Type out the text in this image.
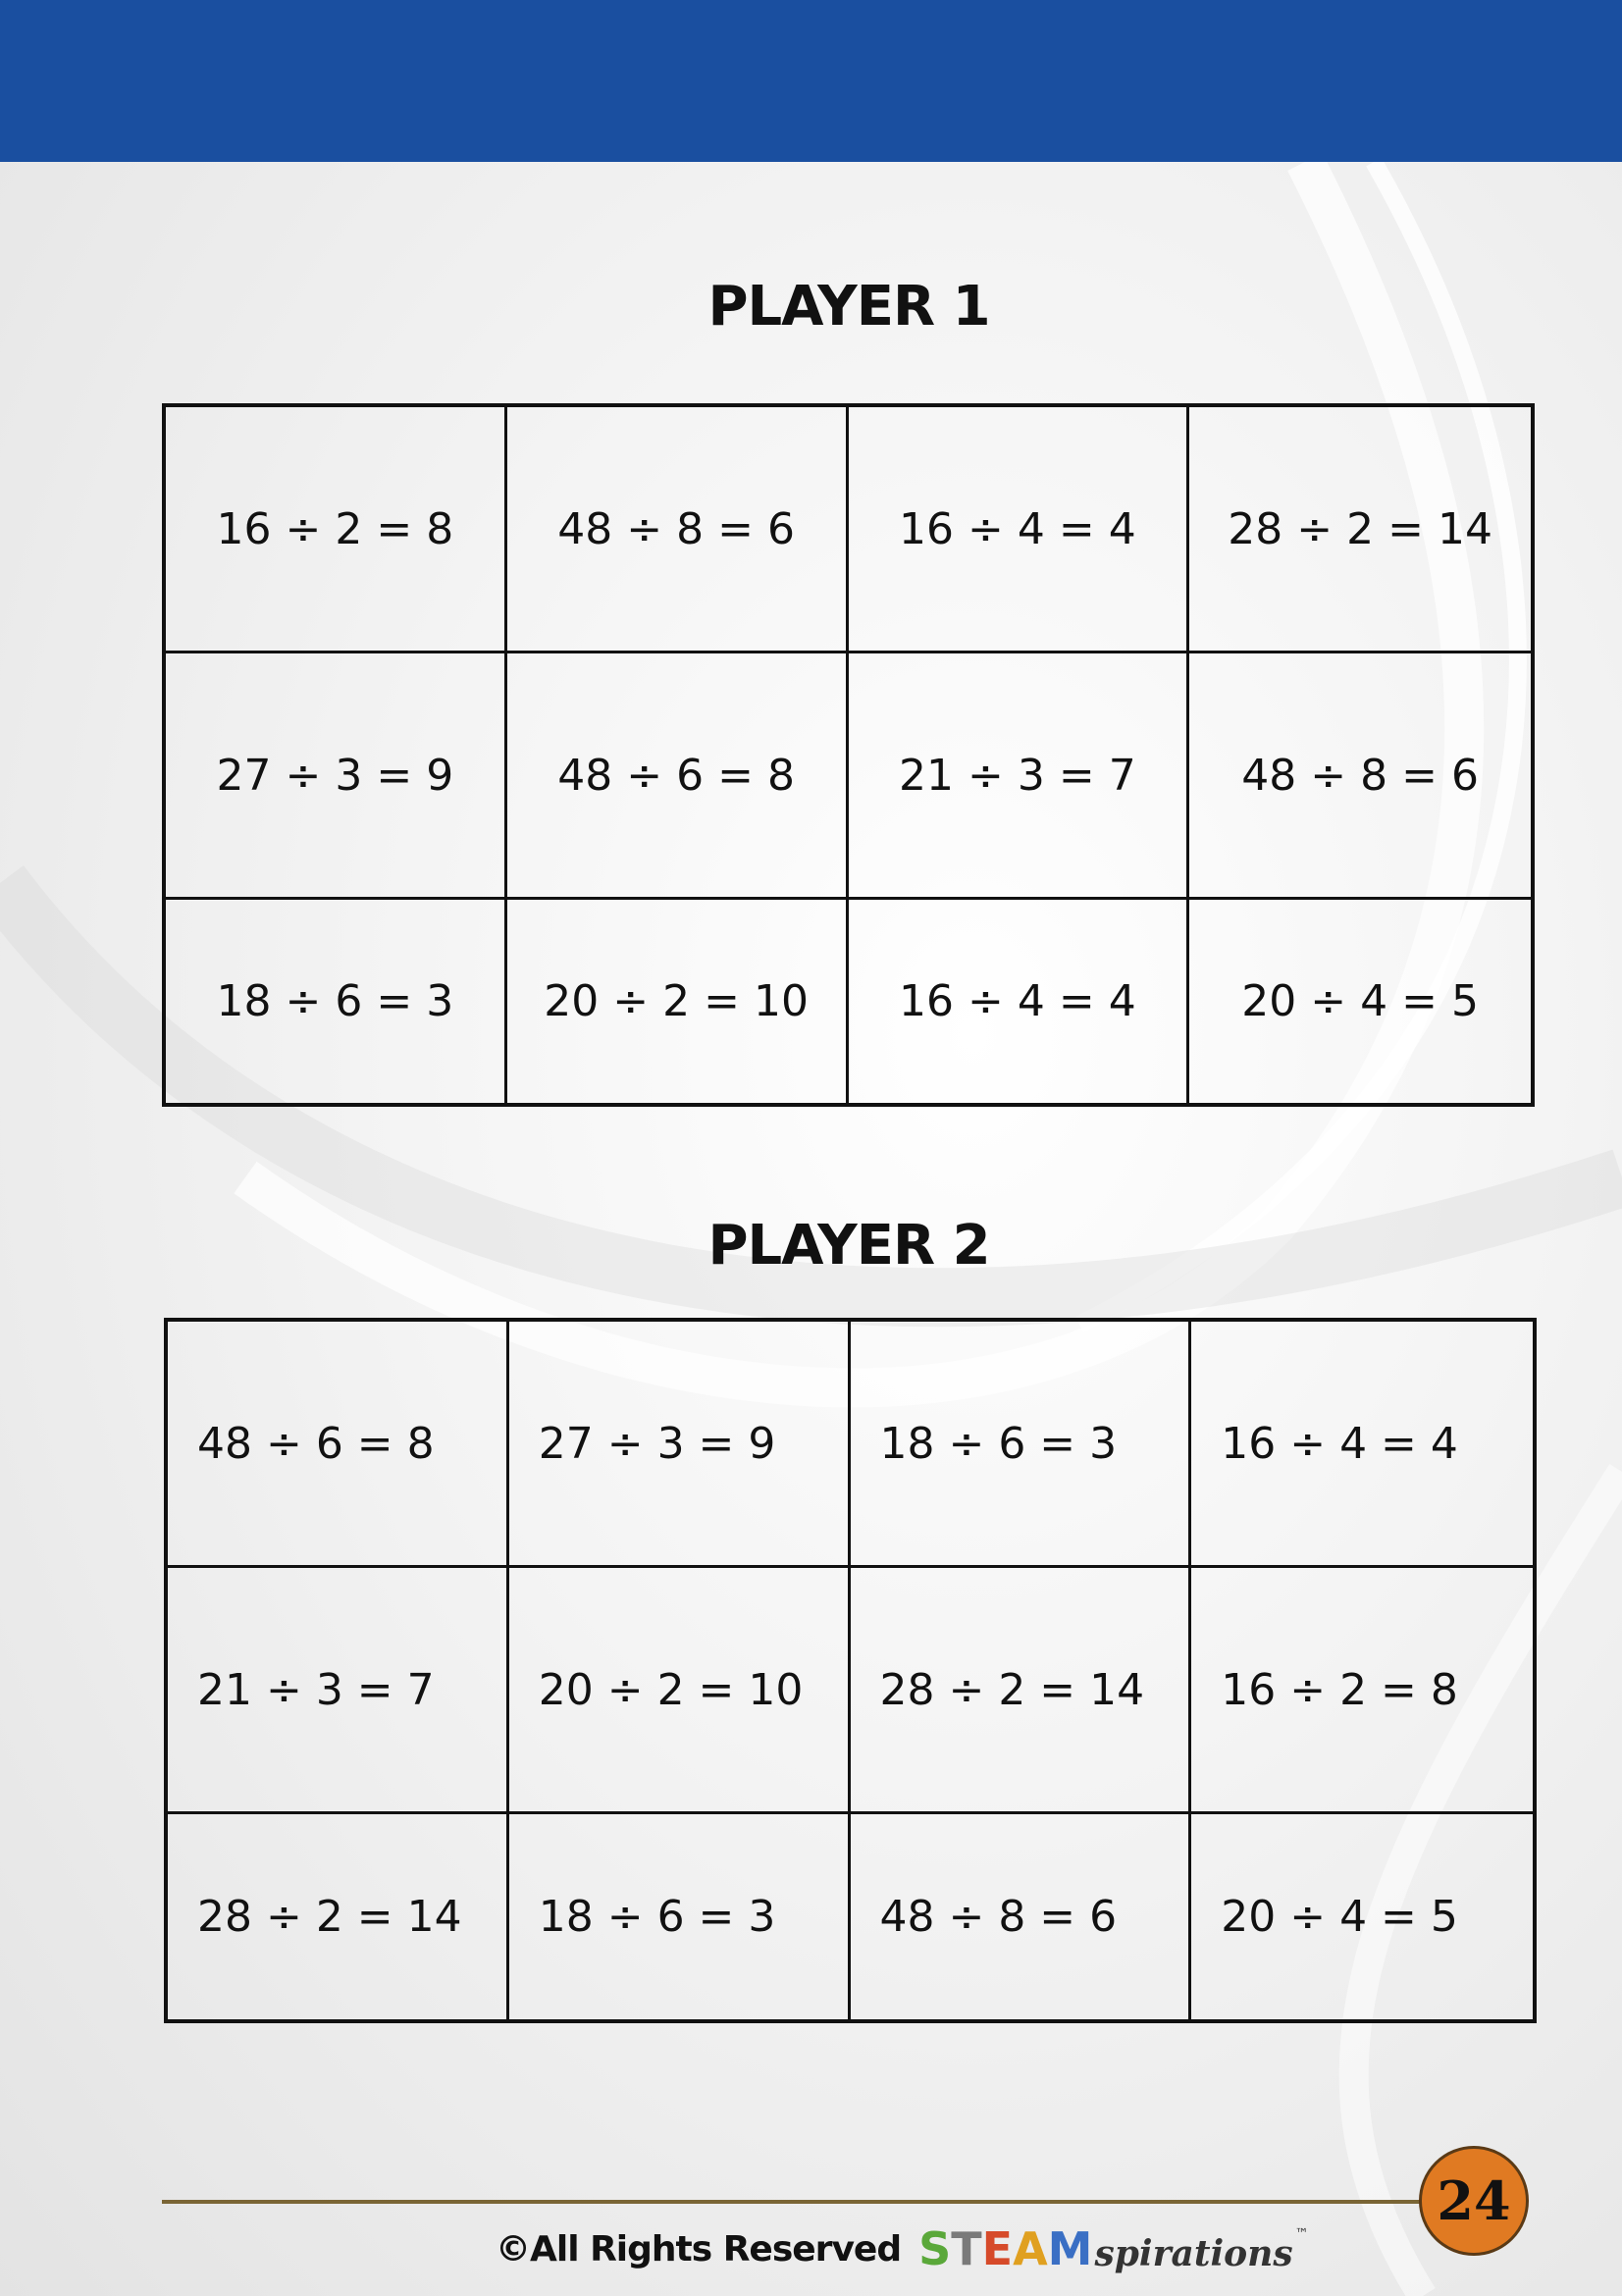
PLAYER 1
16 ÷ 2 = 8	48 ÷ 8 = 6	16 ÷ 4 = 4	28 ÷ 2 = 14
27 ÷ 3 = 9	48 ÷ 6 = 8	21 ÷ 3 = 7	48 ÷ 8 = 6
18 ÷ 6 = 3	20 ÷ 2 = 10	16 ÷ 4 = 4	20 ÷ 4 = 5
PLAYER 2
48 ÷ 6 = 8	27 ÷ 3 = 9	18 ÷ 6 = 3	16 ÷ 4 = 4
21 ÷ 3 = 7	20 ÷ 2 = 10	28 ÷ 2 = 14	16 ÷ 2 = 8
28 ÷ 2 = 14	18 ÷ 6 = 3	48 ÷ 8 = 6	20 ÷ 4 = 5
24
©All Rights Reserved S T E A M spirations ™
